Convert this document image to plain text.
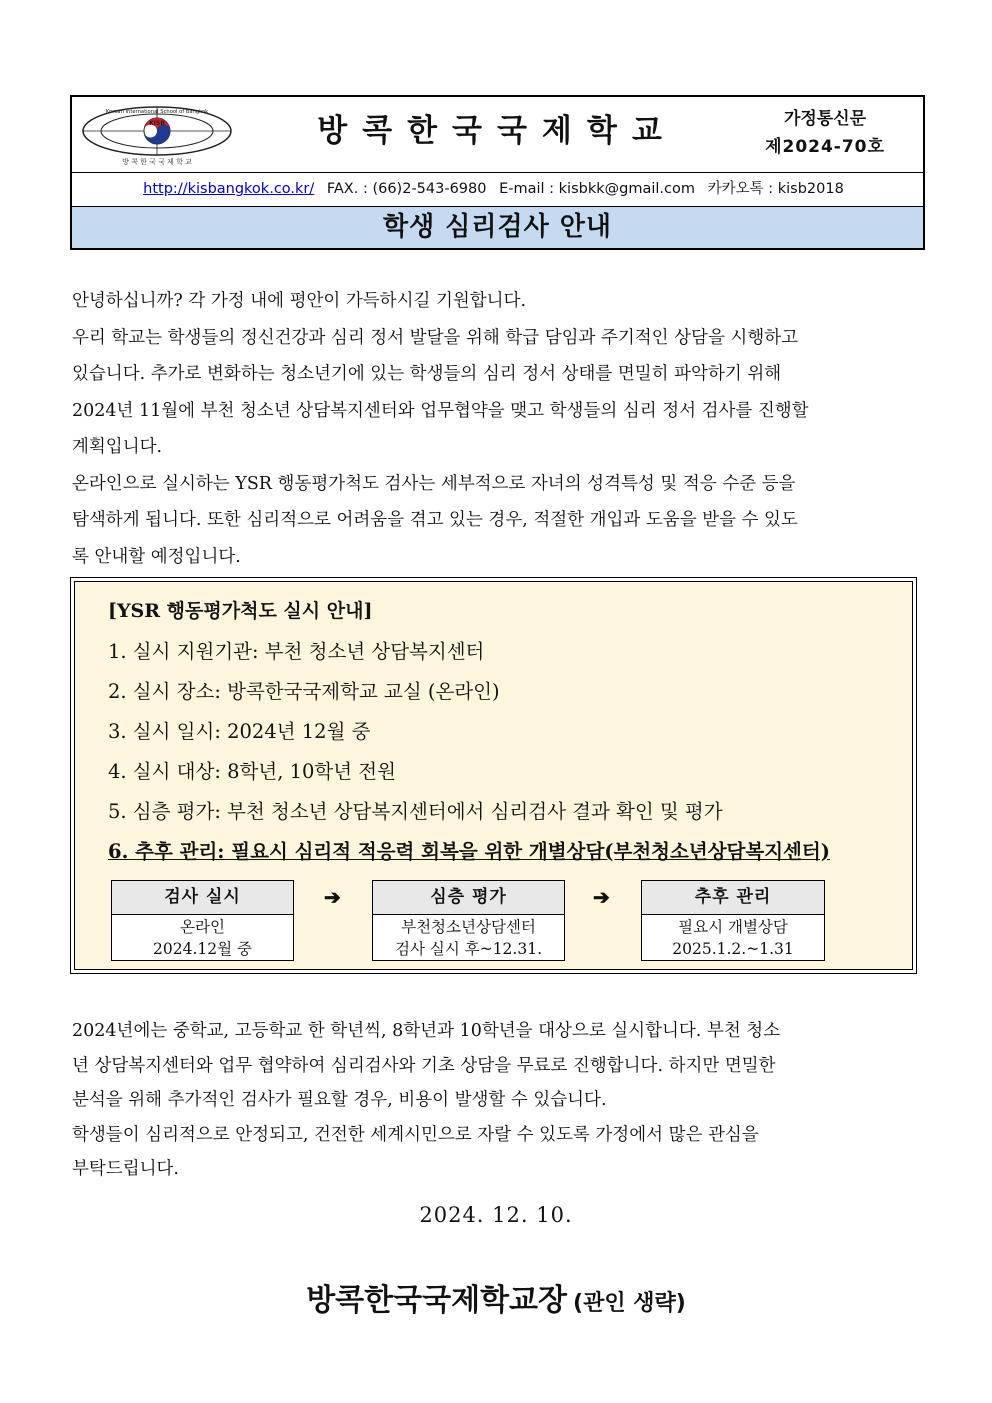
Korean International School of Bangkok
KISB
방 콕 한 국 국 제 학 교
방콕한국국제학교	가정통신문
제2024-70호
http://kisbangkok.co.kr/ FAX. : (66)2-543-6980 E-mail : kisbkk@gmail.com 카카오톡 : kisb2018
학생 심리검사 안내
안녕하십니까? 각 가정 내에 평안이 가득하시길 기원합니다.
우리 학교는 학생들의 정신건강과 심리 정서 발달을 위해 학급 담임과 주기적인 상담을 시행하고
있습니다. 추가로 변화하는 청소년기에 있는 학생들의 심리 정서 상태를 면밀히 파악하기 위해
2024년 11월에 부천 청소년 상담복지센터와 업무협약을 맺고 학생들의 심리 정서 검사를 진행할
계획입니다.
온라인으로 실시하는 YSR 행동평가척도 검사는 세부적으로 자녀의 성격특성 및 적응 수준 등을
탐색하게 됩니다. 또한 심리적으로 어려움을 겪고 있는 경우, 적절한 개입과 도움을 받을 수 있도
록 안내할 예정입니다.
[YSR 행동평가척도 실시 안내]
1. 실시 지원기관: 부천 청소년 상담복지센터
2. 실시 장소: 방콕한국국제학교 교실 (온라인)
3. 실시 일시: 2024년 12월 중
4. 실시 대상: 8학년, 10학년 전원
5. 심층 평가: 부천 청소년 상담복지센터에서 심리검사 결과 확인 및 평가
6. 추후 관리: 필요시 심리적 적응력 회복을 위한 개별상담(부천청소년상담복지센터)
검사 실시
온라인
2024.12월 중
➔	심층 평가
부천청소년상담센터
검사 실시 후~12.31.
➔	추후 관리
필요시 개별상담
2025.1.2.~1.31
2024년에는 중학교, 고등학교 한 학년씩, 8학년과 10학년을 대상으로 실시합니다. 부천 청소
년 상담복지센터와 업무 협약하여 심리검사와 기초 상담을 무료로 진행합니다. 하지만 면밀한
분석을 위해 추가적인 검사가 필요할 경우, 비용이 발생할 수 있습니다.
학생들이 심리적으로 안정되고, 건전한 세계시민으로 자랄 수 있도록 가정에서 많은 관심을
부탁드립니다.
2024. 12. 10.
방콕한국국제학교장 (관인 생략)
